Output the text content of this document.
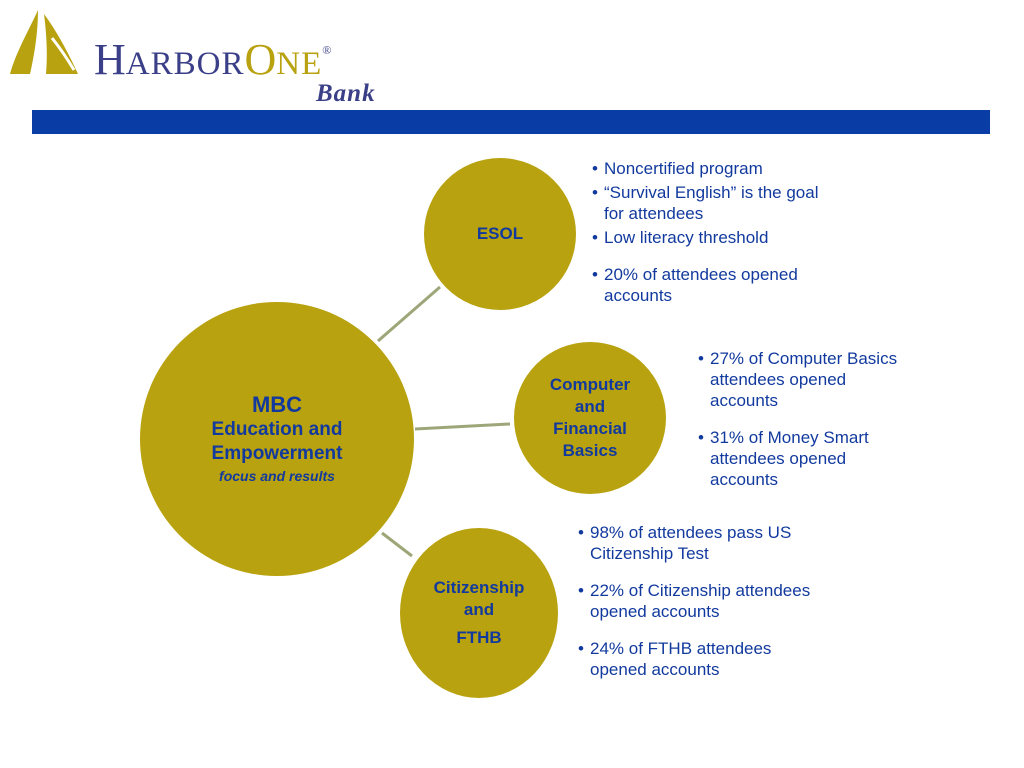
HARBORONE®
Bank
MBC
Education and
Empowerment
focus and results
ESOL
Computer
and
Financial
Basics
Citizenship
and
FTHB
• Noncertified program
• “Survival English” is the goal for attendees
• Low literacy threshold
• 20% of attendees opened accounts
• 27% of Computer Basics attendees opened accounts
• 31% of Money Smart attendees opened accounts
• 98% of attendees pass US Citizenship Test
• 22% of Citizenship attendees opened accounts
• 24% of FTHB attendees opened accounts
